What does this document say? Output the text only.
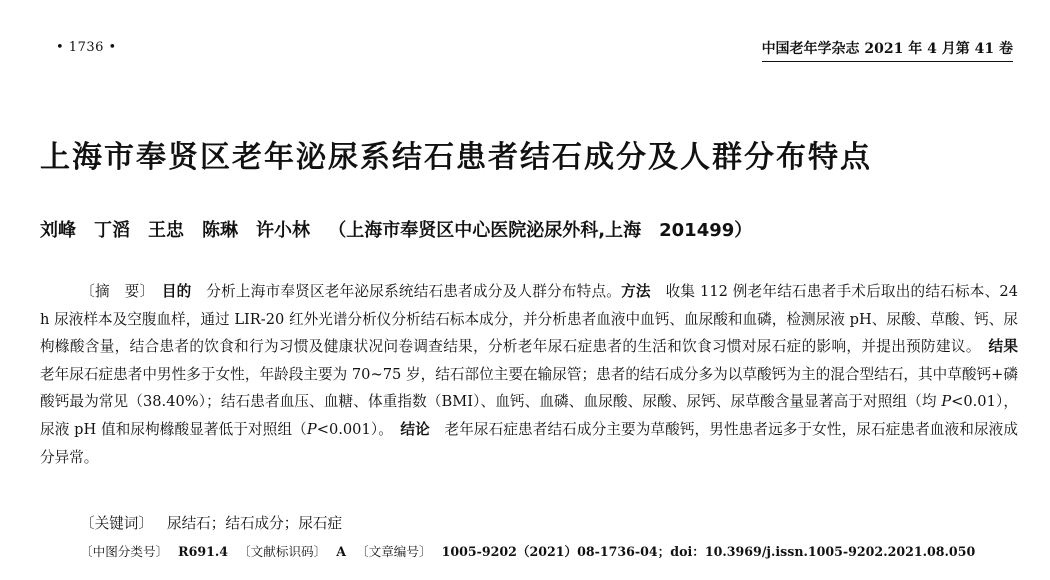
• 1736 •	中国老年学杂志 2021 年 4 月第 41 卷
上海市奉贤区老年泌尿系结石患者结石成分及人群分布特点
刘峰 丁滔 王忠 陈琳 许小林 （上海市奉贤区中心医院泌尿外科,上海　201499）
〔摘　要〕　 目的　 分析上海市奉贤区老年泌尿系统结石患者成分及人群分布特点。方法　 收集 112 例老年结石患者手术后取出的结石标本、24 h 尿液样本及空腹血样，通过 LIR-20 红外光谱分析仪分析结石标本成分，并分析患者血液中血钙、血尿酸和血磷，检测尿液 pH、尿酸、草酸、钙、尿枸橼酸含量，结合患者的饮食和行为习惯及健康状况问卷调查结果，分析老年尿石症患者的生活和饮食习惯对尿石症的影响，并提出预防建议。　 结果　老年尿石症患者中男性多于女性，年龄段主要为 70~75 岁，结石部位主要在输尿管；患者的结石成分多为以草酸钙为主的混合型结石，其中草酸钙+磷酸钙最为常见（38.40%）；结石患者血压、血糖、体重指数（BMI）、血钙、血磷、血尿酸、尿酸、尿钙、尿草酸含量显著高于对照组（均 P<0.01），尿液 pH 值和尿枸橼酸显著低于对照组（P<0.001）。　 结论　 老年尿石症患者结石成分主要为草酸钙，男性患者远多于女性，尿石症患者血液和尿液成分异常。
〔关键词〕 尿结石；结石成分；尿石症
〔中图分类号〕 R691.4 〔文献标识码〕 A 〔文章编号〕 1005-9202（2021）08-1736-04；doi：10.3969/j.issn.1005-9202.2021.08.050
